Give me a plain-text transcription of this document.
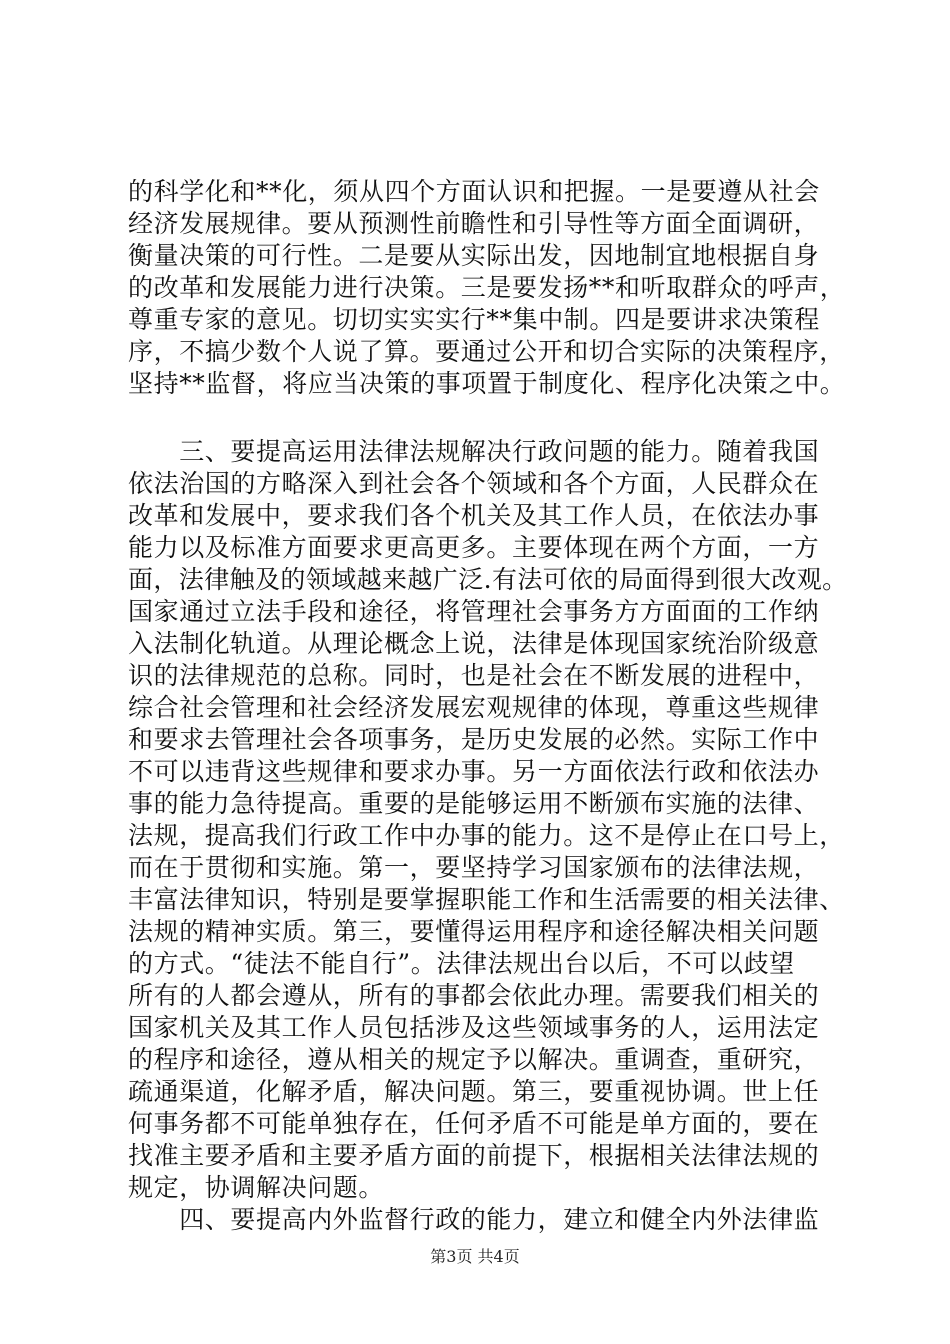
的科学化和**化，须从四个方面认识和把握。一是要遵从社会
经济发展规律。要从预测性前瞻性和引导性等方面全面调研，
衡量决策的可行性。二是要从实际出发，因地制宜地根据自身
的改革和发展能力进行决策。三是要发扬**和听取群众的呼声，
尊重专家的意见。切切实实实行**集中制。四是要讲求决策程
序，不搞少数个人说了算。要通过公开和切合实际的决策程序，
坚持**监督，将应当决策的事项置于制度化、程序化决策之中。
　　三、要提高运用法律法规解决行政问题的能力。随着我国
依法治国的方略深入到社会各个领域和各个方面，人民群众在
改革和发展中，要求我们各个机关及其工作人员，在依法办事
能力以及标准方面要求更高更多。主要体现在两个方面，一方
面，法律触及的领域越来越广泛.有法可依的局面得到很大改观。
国家通过立法手段和途径，将管理社会事务方方面面的工作纳
入法制化轨道。从理论概念上说，法律是体现国家统治阶级意
识的法律规范的总称。同时，也是社会在不断发展的进程中，
综合社会管理和社会经济发展宏观规律的体现，尊重这些规律
和要求去管理社会各项事务，是历史发展的必然。实际工作中
不可以违背这些规律和要求办事。另一方面依法行政和依法办
事的能力急待提高。重要的是能够运用不断颁布实施的法律、
法规，提高我们行政工作中办事的能力。这不是停止在口号上，
而在于贯彻和实施。第一，要坚持学习国家颁布的法律法规，
丰富法律知识，特别是要掌握职能工作和生活需要的相关法律、
法规的精神实质。第三，要懂得运用程序和途径解决相关问题
的方式。“徒法不能自行”。法律法规出台以后，不可以歧望
所有的人都会遵从，所有的事都会依此办理。需要我们相关的
国家机关及其工作人员包括涉及这些领域事务的人，运用法定
的程序和途径，遵从相关的规定予以解决。重调查，重研究，
疏通渠道，化解矛盾，解决问题。第三，要重视协调。世上任
何事务都不可能单独存在，任何矛盾不可能是单方面的，要在
找准主要矛盾和主要矛盾方面的前提下，根据相关法律法规的
规定，协调解决问题。
　　四、要提高内外监督行政的能力，建立和健全内外法律监
第3页 共4页
